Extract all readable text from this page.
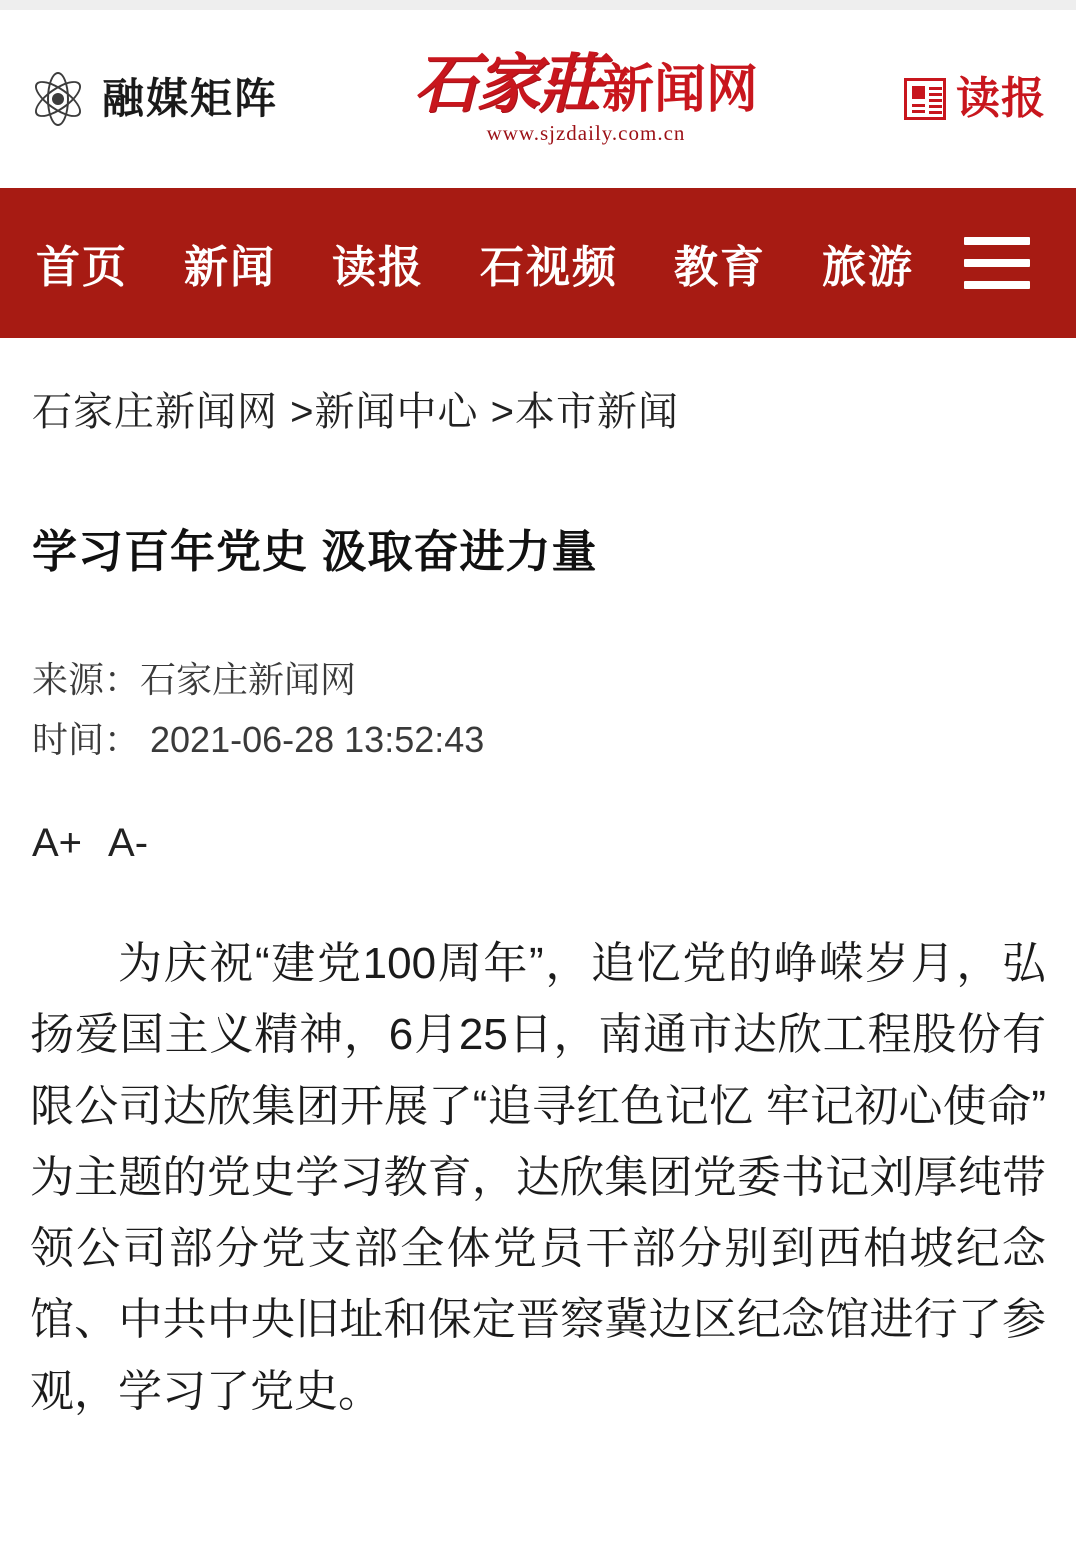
融媒矩阵 石家莊 新闻网
www.sjzdaily.com.cn
读报
首页	新闻	读报	石视频	教育	旅游
石家庄新闻网 >新闻中心 >本市新闻
学习百年党史 汲取奋进力量
来源：石家庄新闻网
时间： 2021-06-28 13:52:43
A+ A-

为庆祝“建党100周年”，追忆党的峥嵘岁月，弘扬爱国主义精神，6月25日，南通市达欣工程股份有限公司达欣集团开展了“追寻红色记忆 牢记初心使命”为主题的党史学习教育，达欣集团党委书记刘厚纯带领公司部分党支部全体党员干部分别到西柏坡纪念馆、中共中央旧址和保定晋察冀边区纪念馆进行了参观，学习了党史。
